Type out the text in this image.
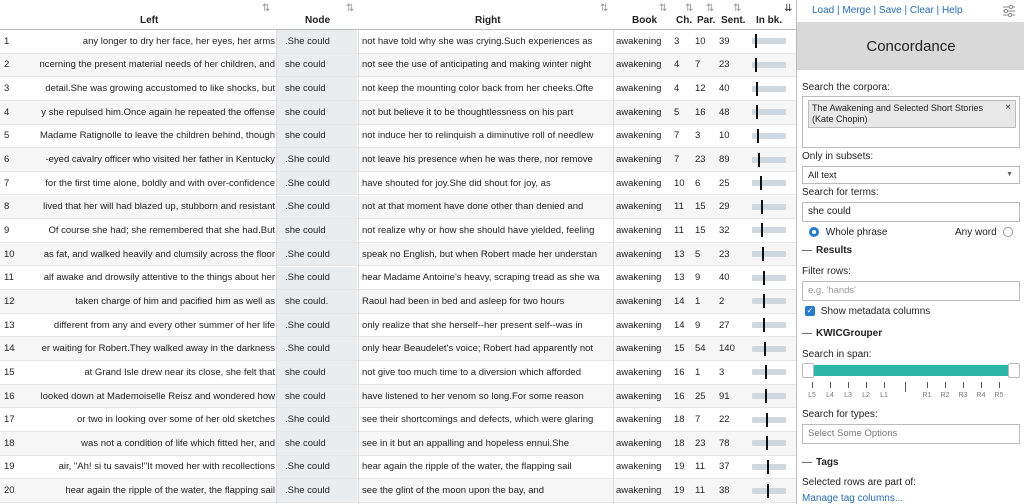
Left
⇅
Node
⇅
Right
⇅
Book
⇅
Ch.
⇅
Par.
⇅
Sent.
⇅
In bk.
⇊
1	any longer to dry her face, her eyes, her arms	.She could	not have told why she was crying.Such experiences as	awakening	3	10	39
2	ncerning the present material needs of her children, and	she could	not see the use of anticipating and making winter night	awakening	4	7	23
3	detail.She was growing accustomed to like shocks, but	she could	not keep the mounting color back from her cheeks.Ofte	awakening	4	12	40
4	y she repulsed him.Once again he repeated the offense	she could	not but believe it to be thoughtlessness on his part	awakening	5	16	48
5	Madame Ratignolle to leave the children behind, though	she could	not induce her to relinquish a diminutive roll of needlew	awakening	7	3	10
6	-eyed cavalry officer who visited her father in Kentucky	.She could	not leave his presence when he was there, nor remove	awakening	7	23	89
7	for the first time alone, boldly and with over-confidence	.She could	have shouted for joy.She did shout for joy, as	awakening	10	6	25
8	lived that her will had blazed up, stubborn and resistant	.She could	not at that moment have done other than denied and	awakening	11	15	29
9	Of course she had; she remembered that she had.But	she could	not realize why or how she should have yielded, feeling	awakening	11	15	32
10	as fat, and walked heavily and clumsily across the floor	.She could	speak no English, but when Robert made her understan	awakening	13	5	23
11	alf awake and drowsily attentive to the things about her	.She could	hear Madame Antoine's heavy, scraping tread as she wa	awakening	13	9	40
12	taken charge of him and pacified him as well as	she could.	Raoul had been in bed and asleep for two hours	awakening	14	1	2
13	different from any and every other summer of her life	.She could	only realize that she herself--her present self--was in	awakening	14	9	27
14	er waiting for Robert.They walked away in the darkness	.She could	only hear Beaudelet's voice; Robert had apparently not	awakening	15	54	140
15	at Grand Isle drew near its close, she felt that	she could	not give too much time to a diversion which afforded	awakening	16	1	3
16	looked down at Mademoiselle Reisz and wondered how	she could	have listened to her venom so long.For some reason	awakening	16	25	91
17	or two in looking over some of her old sketches	.She could	see their shortcomings and defects, which were glaring	awakening	18	7	22
18	was not a condition of life which fitted her, and	she could	see in it but an appalling and hopeless ennui.She	awakening	18	23	78
19	air, "Ah! si tu savais!"It moved her with recollections	.She could	hear again the ripple of the water, the flapping sail	awakening	19	11	37
20	hear again the ripple of the water, the flapping sail	.She could	see the glint of the moon upon the bay, and	awakening	19	11	38
Load | Merge | Save | Clear | Help
Concordance
Search the corpora:
The Awakening and Selected Short Stories (Kate Chopin)
×
Only in subsets:
All text	▼
Search for terms:
she could
Whole phrase	Any word
— Results
Filter rows:
e.g. 'hands'
✓ Show metadata columns
— KWICGrouper
Search in span:
L5 L4 L3 L2 L1	R1 R2 R3 R4 R5
Search for types:
Select Some Options
— Tags
Selected rows are part of:
Manage tag columns...
